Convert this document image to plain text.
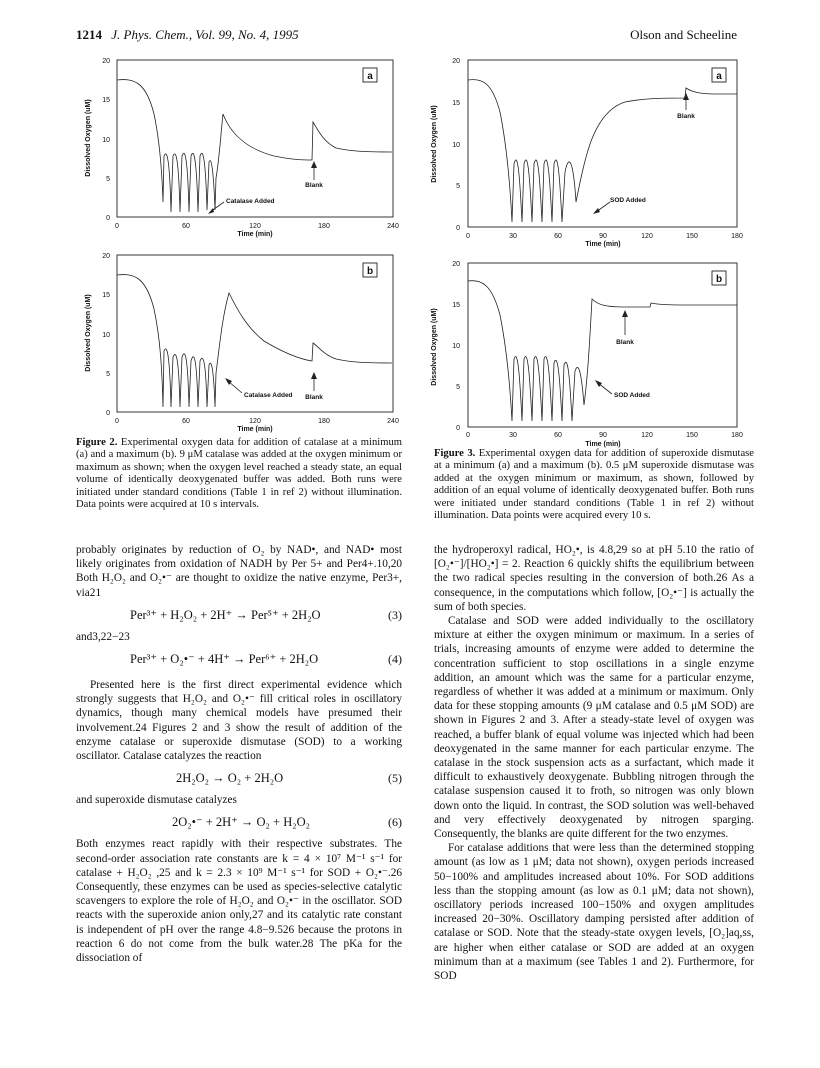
1214 J. Phys. Chem., Vol. 99, No. 4, 1995	Olson and Scheeline
0
5
10
15
20
0	60	120	180	240
Time (min)
Dissolved Oxygen (uM)
a
Catalase Added
Blank
0
5
10
15
20
0	60	120	180	240
Time (min)
Dissolved Oxygen (uM)
b
Catalase Added Blank
Figure 2. Experimental oxygen data for addition of catalase at a minimum (a) and a maximum (b). 9 μM catalase was added at the oxygen minimum or maximum as shown; when the oxygen level reached a steady state, an equal volume of identically deoxygenated buffer was added. Both runs were initiated under standard conditions (Table 1 in ref 2) without illumination. Data points were acquired at 10 s intervals.
0
5
10
15
20
0	30	60	90	120	150	180
Time (min)
Dissolved Oxygen (uM)
a
SOD Added
Blank
0
5
10
15
20
0	30	60	90	120	150	180
Time (min)
Dissolved Oxygen (uM)
b
SOD Added
Blank
Figure 3. Experimental oxygen data for addition of superoxide dismutase at a minimum (a) and a maximum (b). 0.5 μM superoxide dismutase was added at the oxygen minimum or maximum, as shown, followed by addition of an equal volume of identically deoxygenated buffer. Both runs were initiated under standard conditions (Table 1 in ref 2) without illumination. Data points were acquired every 10 s.

probably originates by reduction of O₂ by NAD•, and NAD• most likely originates from oxidation of NADH by Per 5+ and Per4+.10,20 Both H₂O₂ and O₂•⁻ are thought to oxidize the native enzyme, Per3+, via21

Per³⁺ + H₂O₂ + 2H⁺ → Per⁵⁺ + 2H₂O	(3)

and3,22−23

Per³⁺ + O₂•⁻ + 4H⁺ → Per⁶⁺ + 2H₂O	(4)

Presented here is the first direct experimental evidence which strongly suggests that H₂O₂ and O₂•⁻ fill critical roles in oscillatory dynamics, though many chemical models have presumed their involvement.24 Figures 2 and 3 show the result of addition of the enzyme catalase or superoxide dismutase (SOD) to a working oscillator. Catalase catalyzes the reaction

2H₂O₂ → O₂ + 2H₂O	(5)

and superoxide dismutase catalyzes

2O₂•⁻ + 2H⁺ → O₂ + H₂O₂	(6)

Both enzymes react rapidly with their respective substrates. The second-order association rate constants are k = 4 × 10⁷ M⁻¹ s⁻¹ for catalase + H₂O₂ ,25 and k = 2.3 × 10⁹ M⁻¹ s⁻¹ for SOD + O₂•⁻.26 Consequently, these enzymes can be used as species-selective catalytic scavengers to explore the role of H₂O₂ and O₂•⁻ in the oscillator. SOD reacts with the superoxide anion only,27 and its catalytic rate constant is independent of pH over the range 4.8−9.526 because the protons in reaction 6 do not come from the bulk water.28 The pKa for the dissociation of

the hydroperoxyl radical, HO₂•, is 4.8,29 so at pH 5.10 the ratio of [O₂•⁻]/[HO₂•] = 2. Reaction 6 quickly shifts the equilibrium between the two radical species resulting in the conversion of both.26 As a consequence, in the computations which follow, [O₂•⁻] is actually the sum of both species.

Catalase and SOD were added individually to the oscillatory mixture at either the oxygen minimum or maximum. In a series of trials, increasing amounts of enzyme were added to determine the concentration sufficient to stop oscillations in a single enzyme addition, an amount which was the same for a particular enzyme, regardless of whether it was added at a minimum or maximum. Only data for these stopping amounts (9 μM catalase and 0.5 μM SOD) are shown in Figures 2 and 3. After a steady-state level of oxygen was reached, a buffer blank of equal volume was injected which had been deoxygenated in the same manner for each particular enzyme. The catalase in the stock suspension acts as a surfactant, which made it difficult to exhaustively deoxygenate. Bubbling nitrogen through the catalase suspension caused it to froth, so nitrogen was only blown down onto the liquid. In contrast, the SOD solution was well-behaved and very effectively deoxygenated by nitrogen sparging. Consequently, the blanks are quite different for the two enzymes.

For catalase additions that were less than the determined stopping amount (as low as 1 μM; data not shown), oxygen periods increased 50−100% and amplitudes increased about 10%. For SOD additions less than the stopping amount (as low as 0.1 μM; data not shown), oscillatory periods increased 100−150% and oxygen amplitudes increased 20−30%. Oscillatory damping persisted after addition of catalase or SOD. Note that the steady-state oxygen levels, [O₂]aq,ss, are higher when either catalase or SOD are added at an oxygen minimum than at a maximum (see Tables 1 and 2). Furthermore, for SOD
